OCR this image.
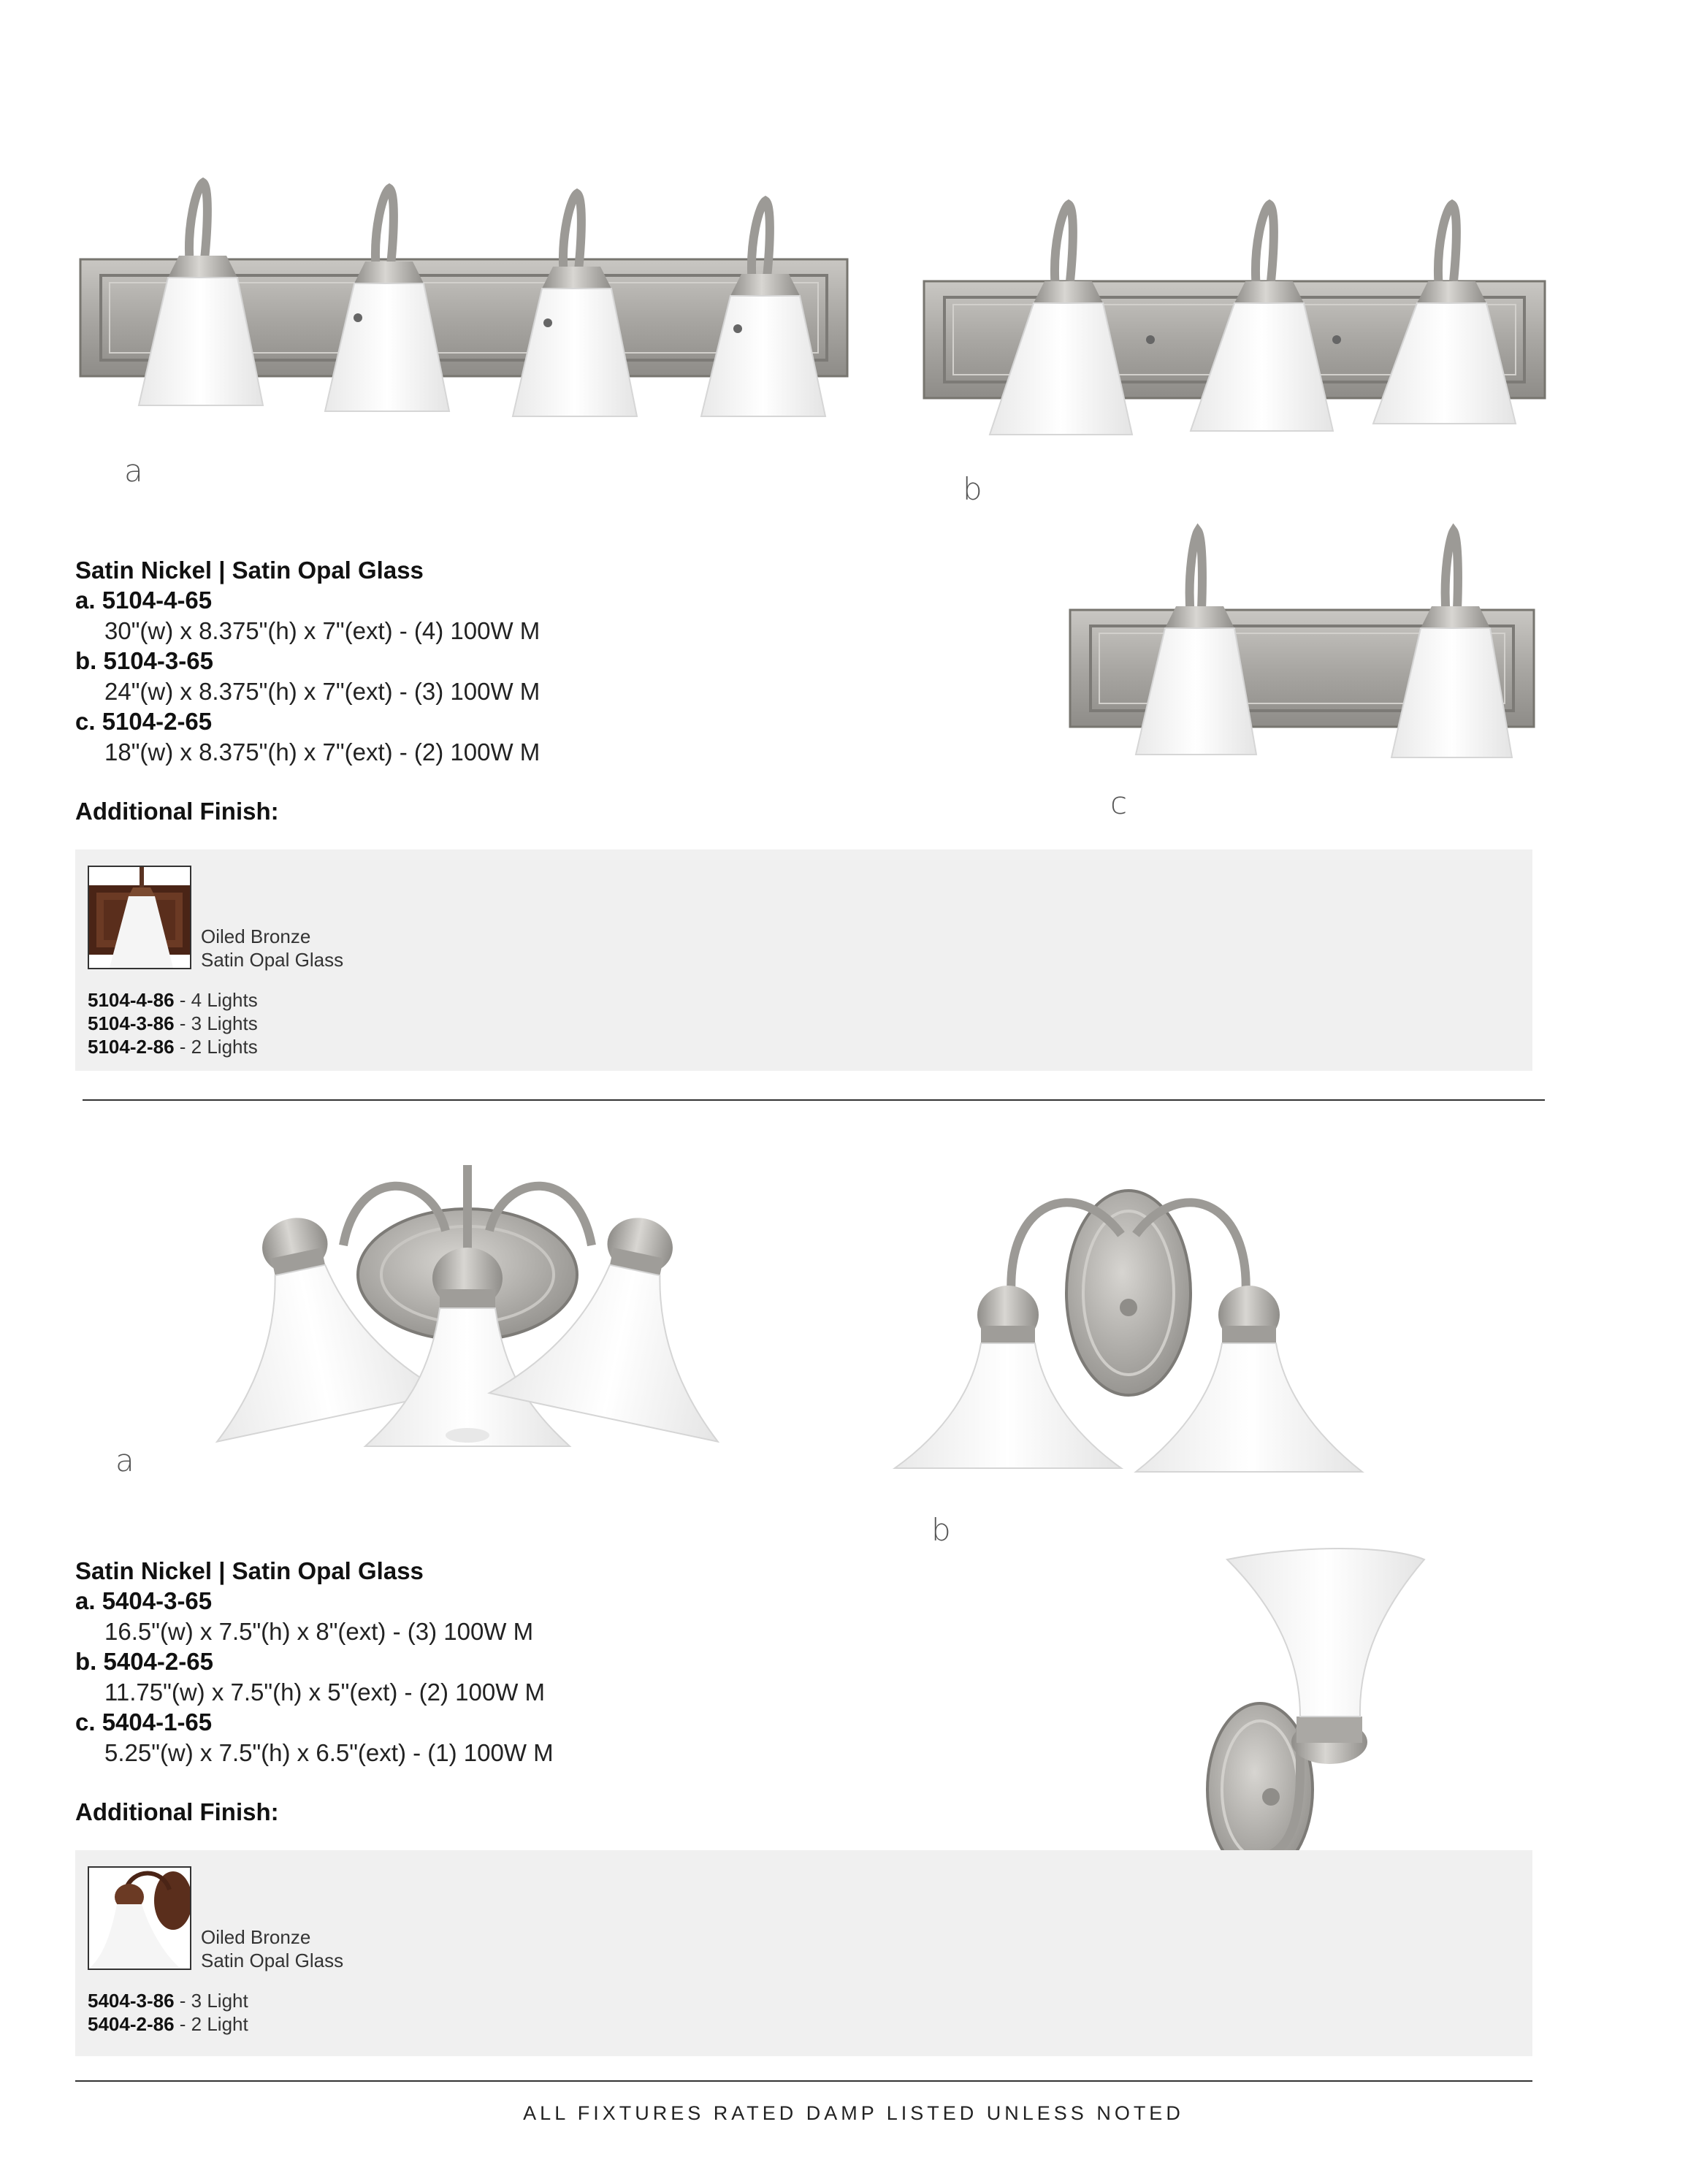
a
b
c
Satin Nickel | Satin Opal Glass
a. 5104-4-65
30"(w) x 8.375"(h) x 7"(ext) - (4) 100W M
b. 5104-3-65
24"(w) x 8.375"(h) x 7"(ext) - (3) 100W M
c. 5104-2-65
18"(w) x 8.375"(h) x 7"(ext) - (2) 100W M
Additional Finish:
Oiled Bronze
Satin Opal Glass
5104-4-86 - 4 Lights
5104-3-86 - 3 Lights
5104-2-86 - 2 Lights
a
b
Satin Nickel | Satin Opal Glass
a. 5404-3-65
16.5"(w) x 7.5"(h) x 8"(ext) - (3) 100W M
b. 5404-2-65
11.75"(w) x 7.5"(h) x 5"(ext) - (2) 100W M
c. 5404-1-65
5.25"(w) x 7.5"(h) x 6.5"(ext) - (1) 100W M
Additional Finish:
Oiled Bronze
Satin Opal Glass
5404-3-86 - 3 Light
5404-2-86 - 2 Light
ALL FIXTURES RATED DAMP LISTED UNLESS NOTED
